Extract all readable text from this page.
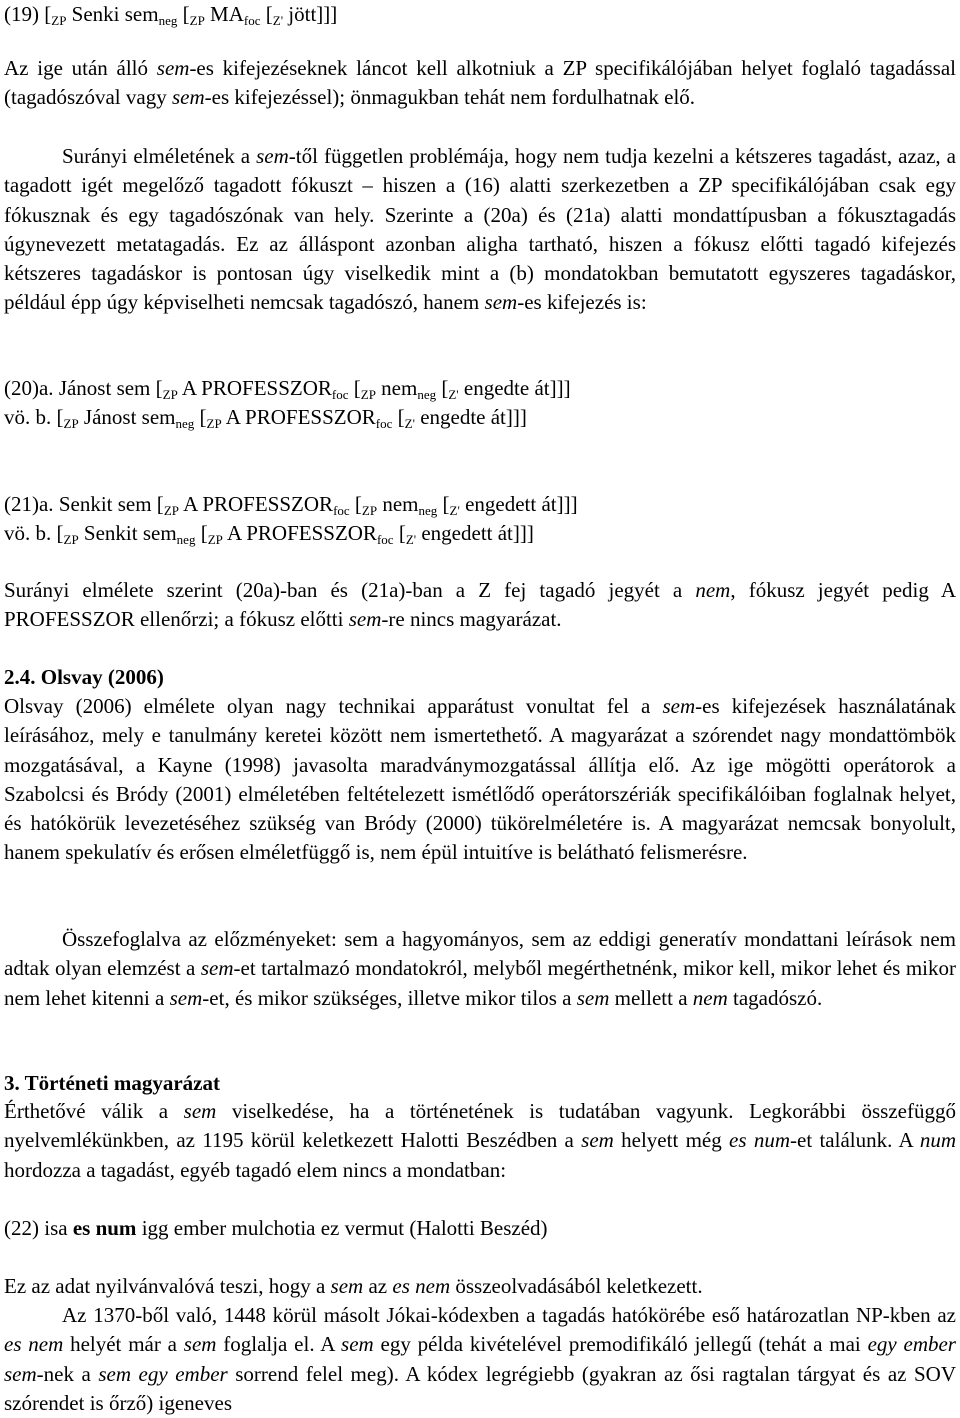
(19) [$_{ZP}$ Senki sem$_{neg}$ [$_{ZP}$ $MA_{foc}$ [$_{Z'}$ jött]]]

Az ige után álló sem-es kifejezéseknek láncot kell alkotniuk a ZP specifikálójában helyet foglaló tagadással (tagadószóval vagy sem-es kifejezéssel); önmagukban tehát nem fordulhatnak elő.

Surányi elméletének a sem-től független problémája, hogy nem tudja kezelni a kétszeres tagadást, azaz, a tagadott igét megelőző tagadott fókuszt – hiszen a (16) alatti szerkezetben a ZP specifikálójában csak egy fókusznak és egy tagadószónak van hely. Szerinte a (20a) és (21a) alatti mondattípusban a fókusztagadás úgynevezett metatagadás. Ez az álláspont azonban aligha tartható, hiszen a fókusz előtti tagadó kifejezés kétszeres tagadáskor is pontosan úgy viselkedik mint a (b) mondatokban bemutatott egyszeres tagadáskor, például épp úgy képviselheti nemcsak tagadószó, hanem sem-es kifejezés is:

(20)a. Jánost sem [$_{ZP}$ A $PROFESSZOR_{foc}$ [$_{ZP}$ nem$_{neg}$ [$_{Z'}$ engedte át]]]

vö. b. [$_{ZP}$ Jánost sem$_{neg}$ [$_{ZP}$ A $PROFESSZOR_{foc}$ [$_{Z'}$ engedte át]]]

(21)a. Senkit sem [$_{ZP}$ A $PROFESSZOR_{foc}$ [$_{ZP}$ nem$_{neg}$ [$_{Z'}$ engedett át]]]

vö. b. [$_{ZP}$ Senkit sem$_{neg}$ [$_{ZP}$ A $PROFESSZOR_{foc}$ [$_{Z'}$ engedett át]]]

Surányi elmélete szerint (20a)-ban és (21a)-ban a Z fej tagadó jegyét a nem, fókusz jegyét pedig A PROFESSZOR ellenőrzi; a fókusz előtti sem-re nincs magyarázat.

2.4. Olsvay (2006)

Olsvay (2006) elmélete olyan nagy technikai apparátust vonultat fel a sem-es kifejezések használatának leírásához, mely e tanulmány keretei között nem ismertethető. A magyarázat a szórendet nagy mondattömbök mozgatásával, a Kayne (1998) javasolta maradványmozgatással állítja elő. Az ige mögötti operátorok a Szabolcsi és Bródy (2001) elméletében feltételezett ismétlődő operátorszériák specifikálóiban foglalnak helyet, és hatókörük levezetéséhez szükség van Bródy (2000) tükörelméletére is. A magyarázat nemcsak bonyolult, hanem spekulatív és erősen elméletfüggő is, nem épül intuitíve is belátható felismerésre.

Összefoglalva az előzményeket: sem a hagyományos, sem az eddigi generatív mondattani leírások nem adtak olyan elemzést a sem-et tartalmazó mondatokról, melyből megérthetnénk, mikor kell, mikor lehet és mikor nem lehet kitenni a sem-et, és mikor szükséges, illetve mikor tilos a sem mellett a nem tagadószó.

3. Történeti magyarázat

Érthetővé válik a sem viselkedése, ha a történetének is tudatában vagyunk. Legkorábbi összefüggő nyelvemlékünkben, az 1195 körül keletkezett Halotti Beszédben a sem helyett még es num-et találunk. A num hordozza a tagadást, egyéb tagadó elem nincs a mondatban:

(22) isa es num igg ember mulchotia ez vermut (Halotti Beszéd)

Ez az adat nyilvánvalóvá teszi, hogy a sem az es nem összeolvadásából keletkezett.

Az 1370-ből való, 1448 körül másolt Jókai-kódexben a tagadás hatókörébe eső határozatlan NP-kben az es nem helyét már a sem foglalja el. A sem egy példa kivételével premodifikáló jellegű (tehát a mai egy ember sem-nek a sem egy ember sorrend felel meg). A kódex legrégiebb (gyakran az ősi ragtalan tárgyat és az SOV szórendet is őrző) igeneves
